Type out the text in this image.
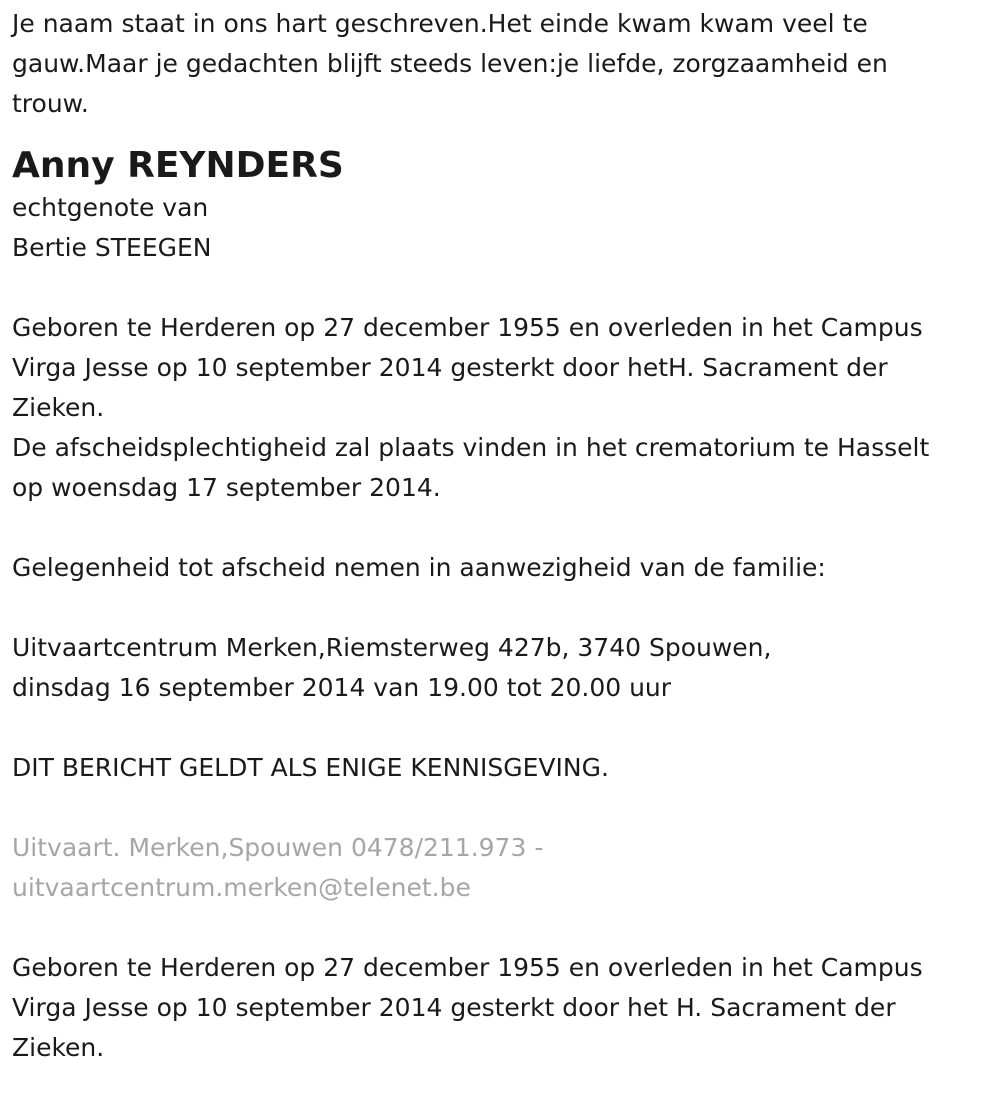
Je naam staat in ons hart geschreven.Het einde kwam kwam veel te
gauw.Maar je gedachten blijft steeds leven:je liefde, zorgzaamheid en
trouw.

Anny REYNDERS

echtgenote van

Bertie STEEGEN

Geboren te Herderen op 27 december 1955 en overleden in het Campus
Virga Jesse op 10 september 2014 gesterkt door hetH. Sacrament der
Zieken.

De afscheidsplechtigheid zal plaats vinden in het crematorium te Hasselt
op woensdag 17 september 2014.

Gelegenheid tot afscheid nemen in aanwezigheid van de familie:

Uitvaartcentrum Merken,Riemsterweg 427b, 3740 Spouwen,

dinsdag 16 september 2014 van 19.00 tot 20.00 uur

DIT BERICHT GELDT ALS ENIGE KENNISGEVING.

Uitvaart. Merken,Spouwen 0478/211.973 -

uitvaartcentrum.merken@telenet.be

Geboren te Herderen op 27 december 1955 en overleden in het Campus
Virga Jesse op 10 september 2014 gesterkt door het H. Sacrament der
Zieken.
